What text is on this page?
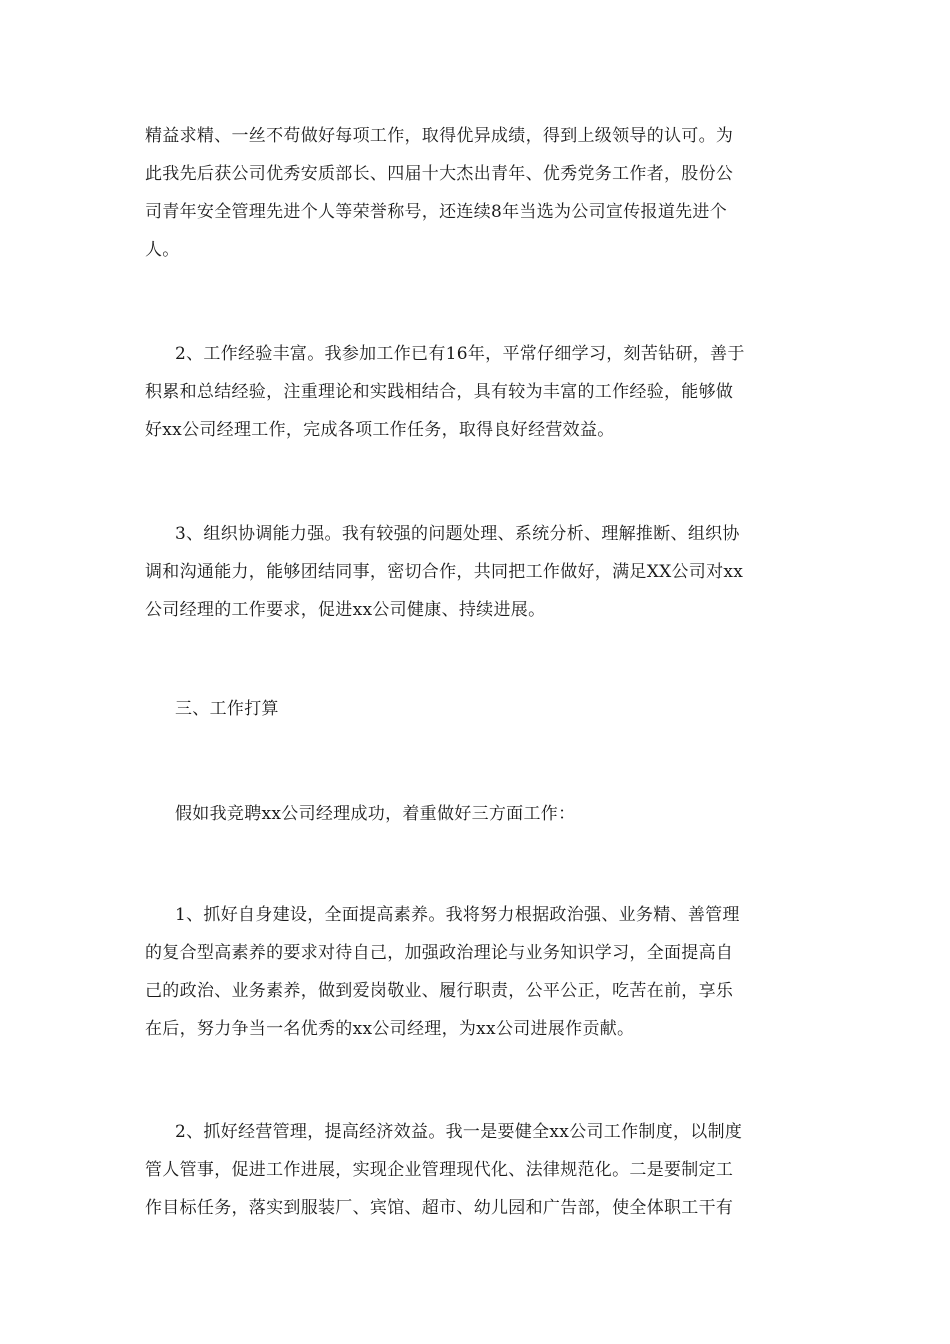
精益求精、一丝不苟做好每项工作，取得优异成绩，得到上级领导的认可。为
此我先后获公司优秀安质部长、四届十大杰出青年、优秀党务工作者，股份公
司青年安全管理先进个人等荣誉称号，还连续8年当选为公司宣传报道先进个
人。
2、工作经验丰富。我参加工作已有16年，平常仔细学习，刻苦钻研，善于
积累和总结经验，注重理论和实践相结合，具有较为丰富的工作经验，能够做
好xx公司经理工作，完成各项工作任务，取得良好经营效益。
3、组织协调能力强。我有较强的问题处理、系统分析、理解推断、组织协
调和沟通能力，能够团结同事，密切合作，共同把工作做好，满足XX公司对xx
公司经理的工作要求，促进xx公司健康、持续进展。
三、工作打算
假如我竞聘xx公司经理成功，着重做好三方面工作：
1、抓好自身建设，全面提高素养。我将努力根据政治强、业务精、善管理
的复合型高素养的要求对待自己，加强政治理论与业务知识学习，全面提高自
己的政治、业务素养，做到爱岗敬业、履行职责，公平公正，吃苦在前，享乐
在后，努力争当一名优秀的xx公司经理，为xx公司进展作贡献。
2、抓好经营管理，提高经济效益。我一是要健全xx公司工作制度，以制度
管人管事，促进工作进展，实现企业管理现代化、法律规范化。二是要制定工
作目标任务，落实到服装厂、宾馆、超市、幼儿园和广告部，使全体职工干有
